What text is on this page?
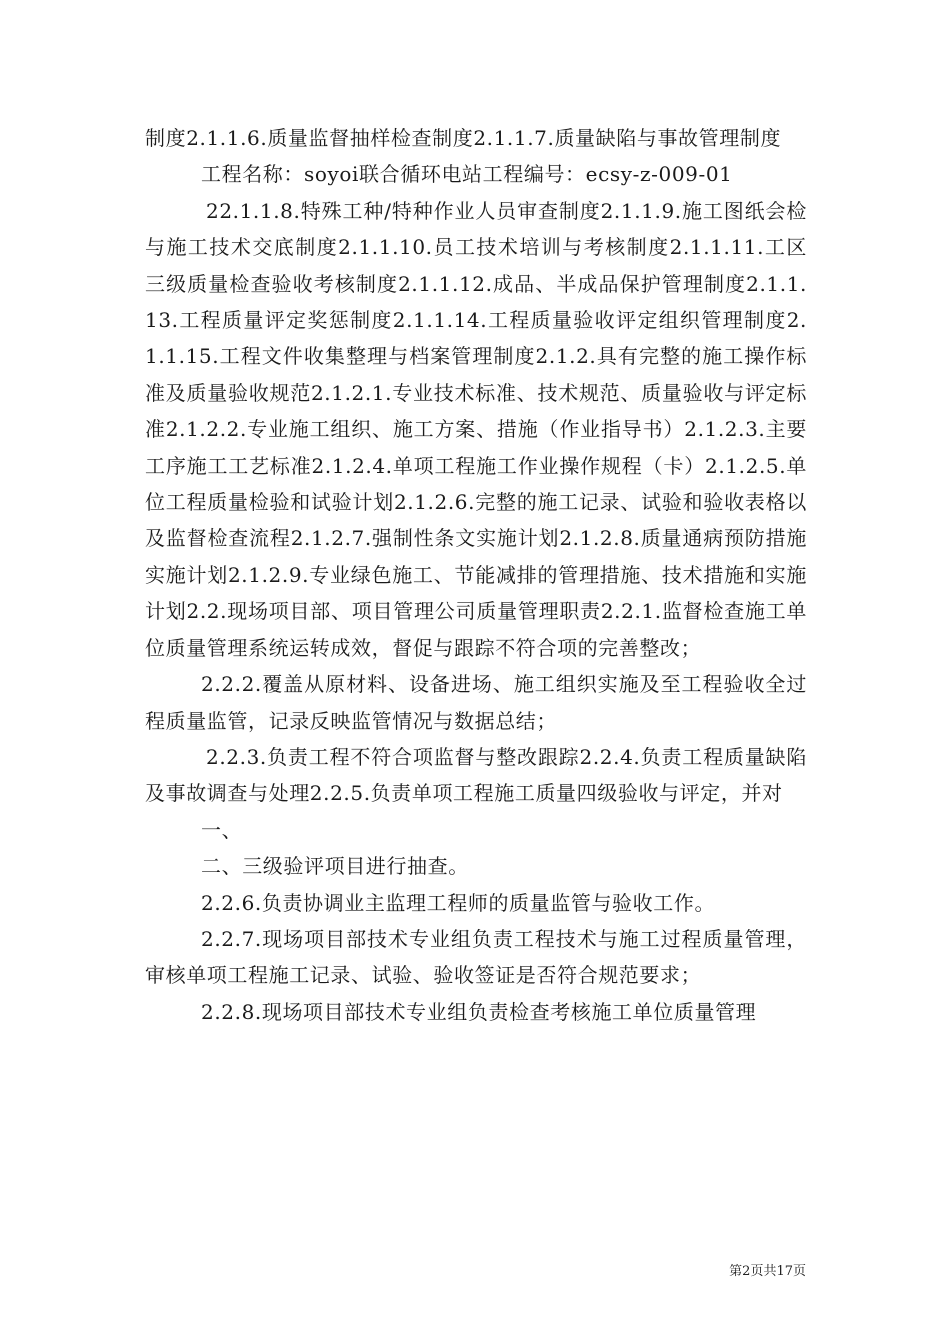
制度2.1.1.6.质量监督抽样检查制度2.1.1.7.质量缺陷与事故管理制度

工程名称：soyoi联合循环电站工程编号：ecsy-z-009-01

22.1.1.8.特殊工种/特种作业人员审查制度2.1.1.9.施工图纸会检与施工技术交底制度2.1.1.10.员工技术培训与考核制度2.1.1.11.工区三级质量检查验收考核制度2.1.1.12.成品、半成品保护管理制度2.1.1.13.工程质量评定奖惩制度2.1.1.14.工程质量验收评定组织管理制度2.1.1.15.工程文件收集整理与档案管理制度2.1.2.具有完整的施工操作标准及质量验收规范2.1.2.1.专业技术标准、技术规范、质量验收与评定标准2.1.2.2.专业施工组织、施工方案、措施（作业指导书）2.1.2.3.主要工序施工工艺标准2.1.2.4.单项工程施工作业操作规程（卡）2.1.2.5.单位工程质量检验和试验计划2.1.2.6.完整的施工记录、试验和验收表格以及监督检查流程2.1.2.7.强制性条文实施计划2.1.2.8.质量通病预防措施实施计划2.1.2.9.专业绿色施工、节能减排的管理措施、技术措施和实施计划2.2.现场项目部、项目管理公司质量管理职责2.2.1.监督检查施工单位质量管理系统运转成效，督促与跟踪不符合项的完善整改；

2.2.2.覆盖从原材料、设备进场、施工组织实施及至工程验收全过程质量监管，记录反映监管情况与数据总结；

2.2.3.负责工程不符合项监督与整改跟踪2.2.4.负责工程质量缺陷及事故调查与处理2.2.5.负责单项工程施工质量四级验收与评定，并对

一、

二、三级验评项目进行抽查。

2.2.6.负责协调业主监理工程师的质量监管与验收工作。

2.2.7.现场项目部技术专业组负责工程技术与施工过程质量管理，审核单项工程施工记录、试验、验收签证是否符合规范要求；

2.2.8.现场项目部技术专业组负责检查考核施工单位质量管理

第2页共17页
